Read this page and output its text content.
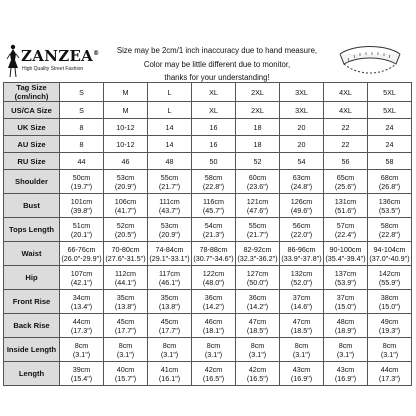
ZANZEA®
High Quality Street Fashion

Size may be 2cm/1 inch inaccuracy due to hand measure,

Color may be little different due to monitor,

thanks for your understanding!

Tag Size (cm/inch)	S	M	L	XL	2XL	3XL	4XL	5XL
US/CA Size	S	M	L	XL	2XL	3XL	4XL	5XL
UK Size	8	10-12	14	16	18	20	22	24
AU Size	8	10-12	14	16	18	20	22	24
RU Size	44	46	48	50	52	54	56	58
Shoulder	50cm
(19.7")	53cm
(20.9")	55cm
(21.7")	58cm
(22.8")	60cm
(23.6")	63cm
(24.8")	65cm
(25.6")	68cm
(26.8")

Bust	101cm
(39.8")	106cm
(41.7")	111cm
(43.7")	116cm
(45.7")	121cm
(47.6")	126cm
(49.6")	131cm
(51.6")	136cm
(53.5")

Tops Length	51cm
(20.1")	52cm
(20.5")	53cm
(20.9")	54cm
(21.3")	55cm
(21.7")	56cm
(22.0")	57cm
(22.4")	58cm
(22.8")

Waist	66-76cm
(26.0"-29.9")	70-80cm
(27.6"-31.5")	74-84cm
(29.1"-33.1")	78-88cm
(30.7"-34.6")	82-92cm
(32.3"-36.2")	86-96cm
(33.9"-37.8")	90-100cm
(35.4"-39.4")	94-104cm
(37.0"-40.9")

Hip	107cm
(42.1")	112cm
(44.1")	117cm
(46.1")	122cm
(48.0")	127cm
(50.0")	132cm
(52.0")	137cm
(53.9")	142cm
(55.9")

Front Rise	34cm
(13.4")	35cm
(13.8")	35cm
(13.8")	36cm
(14.2")	36cm
(14.2")	37cm
(14.6")	37cm
(15.0")	38cm
(15.0")

Back Rise	44cm
(17.3")	45cm
(17.7")	45cm
(17.7")	46cm
(18.1")	47cm
(18.5")	47cm
(18.5")	48cm
(18.9")	49cm
(19.3")

Inside Length	8cm
(3.1")	8cm
(3.1")	8cm
(3.1")	8cm
(3.1")	8cm
(3.1")	8cm
(3.1")	8cm
(3.1")	8cm
(3.1")

Length	39cm
(15.4")	40cm
(15.7")	41cm
(16.1")	42cm
(16.5")	42cm
(16.5")	43cm
(16.9")	43cm
(16.9")	44cm
(17.3")
